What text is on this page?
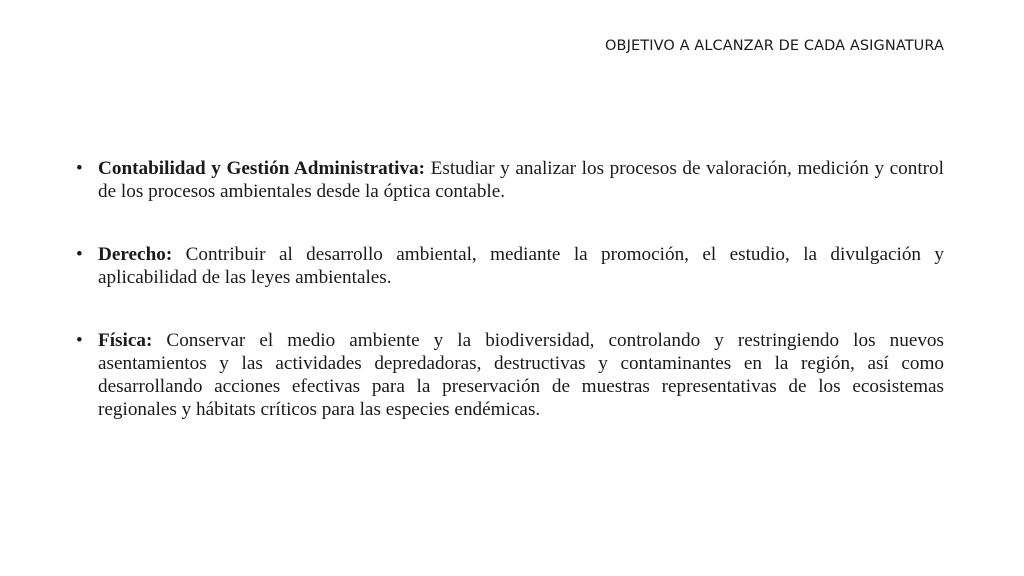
OBJETIVO A ALCANZAR DE CADA ASIGNATURA
• Contabilidad y Gestión Administrativa: Estudiar y analizar los procesos de valoración, medición y control de los procesos ambientales desde la óptica contable.
• Derecho: Contribuir al desarrollo ambiental, mediante la promoción, el estudio, la divulgación y aplicabilidad de las leyes ambientales.
• Física: Conservar el medio ambiente y la biodiversidad, controlando y restringiendo los nuevos asentamientos y las actividades depredadoras, destructivas y contaminantes en la región, así como desarrollando acciones efectivas para la preservación de muestras representativas de los ecosistemas regionales y hábitats críticos para las especies endémicas.
